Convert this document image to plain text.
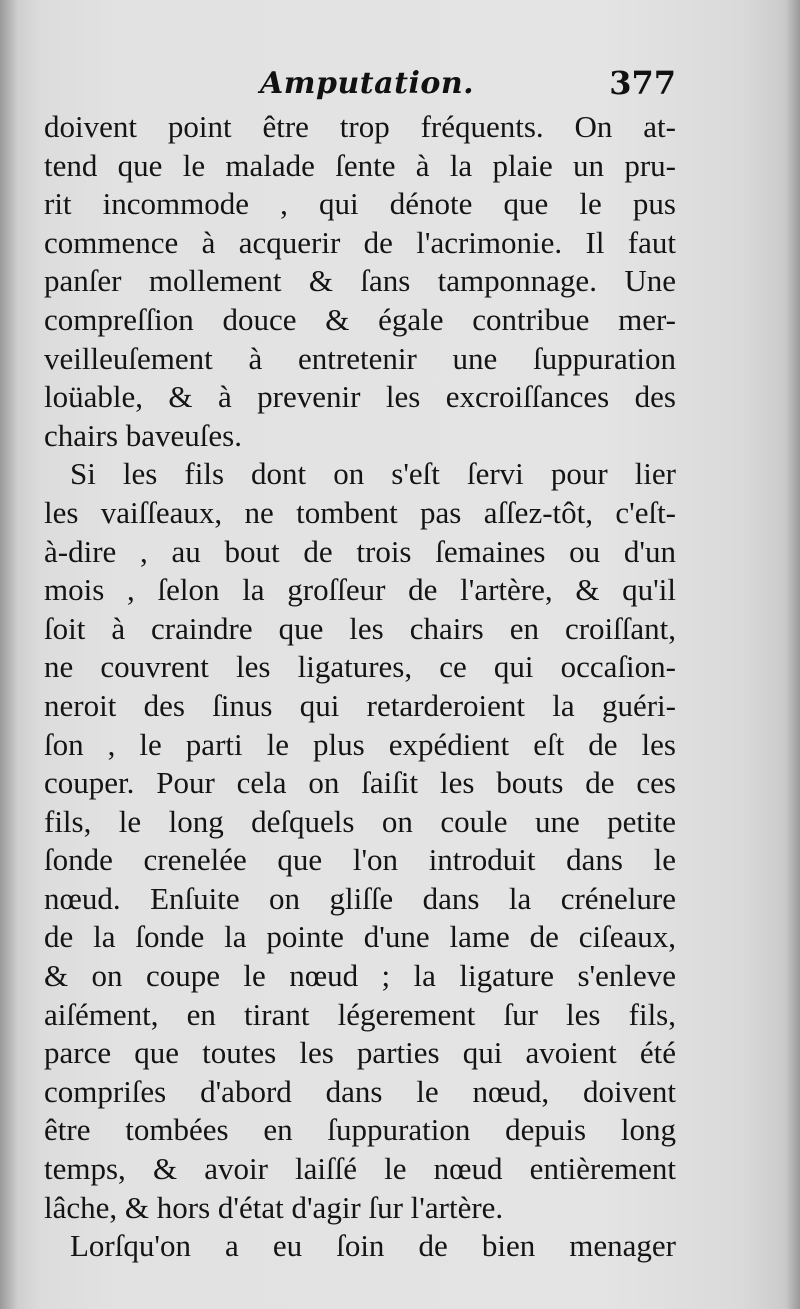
Amputation.	377
doivent point être trop fréquents. On at-
tend que le malade ſente à la plaie un pru-
rit incommode , qui dénote que le pus
commence à acquerir de l'acrimonie. Il faut
panſer mollement & ſans tamponnage. Une
compreſſion douce & égale contribue mer-
veilleuſement à entretenir une ſuppuration
loüable, & à prevenir les excroiſſances des
chairs baveuſes.
Si les fils dont on s'eſt ſervi pour lier
les vaiſſeaux, ne tombent pas aſſez-tôt, c'eſt-
à-dire , au bout de trois ſemaines ou d'un
mois , ſelon la groſſeur de l'artère, & qu'il
ſoit à craindre que les chairs en croiſſant,
ne couvrent les ligatures, ce qui occaſion-
neroit des ſinus qui retarderoient la guéri-
ſon , le parti le plus expédient eſt de les
couper. Pour cela on ſaiſit les bouts de ces
fils, le long deſquels on coule une petite
ſonde crenelée que l'on introduit dans le
nœud. Enſuite on gliſſe dans la crénelure
de la ſonde la pointe d'une lame de ciſeaux,
& on coupe le nœud ; la ligature s'enleve
aiſément, en tirant légerement ſur les fils,
parce que toutes les parties qui avoient été
compriſes d'abord dans le nœud, doivent
être tombées en ſuppuration depuis long
temps, & avoir laiſſé le nœud entièrement
lâche, & hors d'état d'agir ſur l'artère.
Lorſqu'on a eu ſoin de bien menager
